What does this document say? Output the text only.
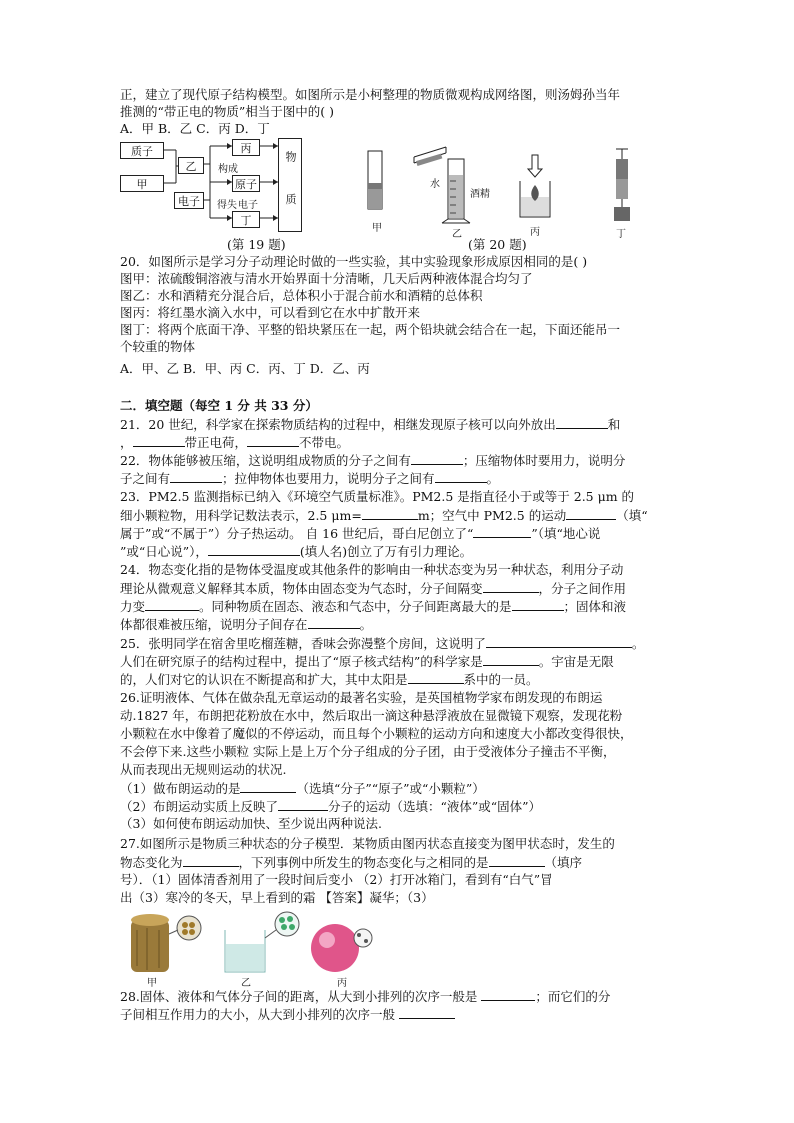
正，建立了现代原子结构模型。如图所示是小柯整理的物质微观构成网络图，则汤姆孙当年
推测的“带正电的物质”相当于图中的( )
A．甲 B．乙 C．丙 D．丁
质子
甲
乙
电子
丙
原子
丁
物 质
构成
得失 电子
(第 19 题)
水
酒精
甲
乙	丙	丁
(第 20 题)
20．如图所示是学习分子动理论时做的一些实验，其中实验现象形成原因相同的是( )
图甲：浓硫酸铜溶液与清水开始界面十分清晰，几天后两种液体混合均匀了
图乙：水和酒精充分混合后，总体积小于混合前水和酒精的总体积
图丙：将红墨水滴入水中，可以看到它在水中扩散开来
图丁：将两个底面干净、平整的铅块紧压在一起，两个铅块就会结合在一起，下面还能吊一
个较重的物体
A．甲、乙 B．甲、丙 C．丙、丁 D．乙、丙
二．填空题（每空 1 分 共 33 分）
21．20 世纪，科学家在探索物质结构的过程中，相继发现原子核可以向外放出	和
，	带正电荷，	不带电。
22．物体能够被压缩，这说明组成物质的分子之间有	；压缩物体时要用力，说明分
子之间有	；拉伸物体也要用力，说明分子之间有	。
23．PM2.5 监测指标已纳入《环境空气质量标准》。PM2.5 是指直径小于或等于 2.5 μm 的
细小颗粒物，用科学记数法表示，2.5 μm=	m；空气中 PM2.5 的运动	（填“
属于”或“不属于”）分子热运动。 自 16 世纪后，哥白尼创立了“	”（填“地心说
”或“日心说”），	(填人名)创立了万有引力理论。
24．物态变化指的是物体受温度或其他条件的影响由一种状态变为另一种状态，利用分子动
理论从微观意义解释其本质，物体由固态变为气态时，分子间隔变	，分子之间作用
力变	。同种物质在固态、液态和气态中，分子间距离最大的是	；固体和液
体都很难被压缩，说明分子间存在	。
25．张明同学在宿舍里吃榴莲糖，香味会弥漫整个房间，这说明了	。
人们在研究原子的结构过程中，提出了“原子核式结构”的科学家是	。宇宙是无限
的，人们对它的认识在不断提高和扩大，其中太阳是	系中的一员。
26.证明液体、气体在做杂乱无章运动的最著名实验，是英国植物学家布朗发现的布朗运
动.1827 年，布朗把花粉放在水中，然后取出一滴这种悬浮液放在显微镜下观察，发现花粉
小颗粒在水中像着了魔似的不停运动，而且每个小颗粒的运动方向和速度大小都改变得很快，
不会停下来.这些小颗粒 实际上是上万个分子组成的分子团，由于受液体分子撞击不平衡，
从而表现出无规则运动的状况.
（1）做布朗运动的是	（选填“分子”“原子”或“小颗粒”）
（2）布朗运动实质上反映了	分子的运动（选填：“液体”或“固体”）
（3）如何使布朗运动加快、至少说出两种说法.
27.如图所示是物质三种状态的分子模型．某物质由图丙状态直接变为图甲状态时，发生的
物态变化为	，下列事例中所发生的物态变化与之相同的是	（填序
号）．（1）固体清香剂用了一段时间后变小 （2）打开冰箱门，看到有“白气”冒
出（3）寒冷的冬天，早上看到的霜 【答案】凝华；（3）
甲	乙	丙
28.固体、液体和气体分子间的距离，从大到小排列的次序一般是	；而它们的分
子间相互作用力的大小，从大到小排列的次序一般
